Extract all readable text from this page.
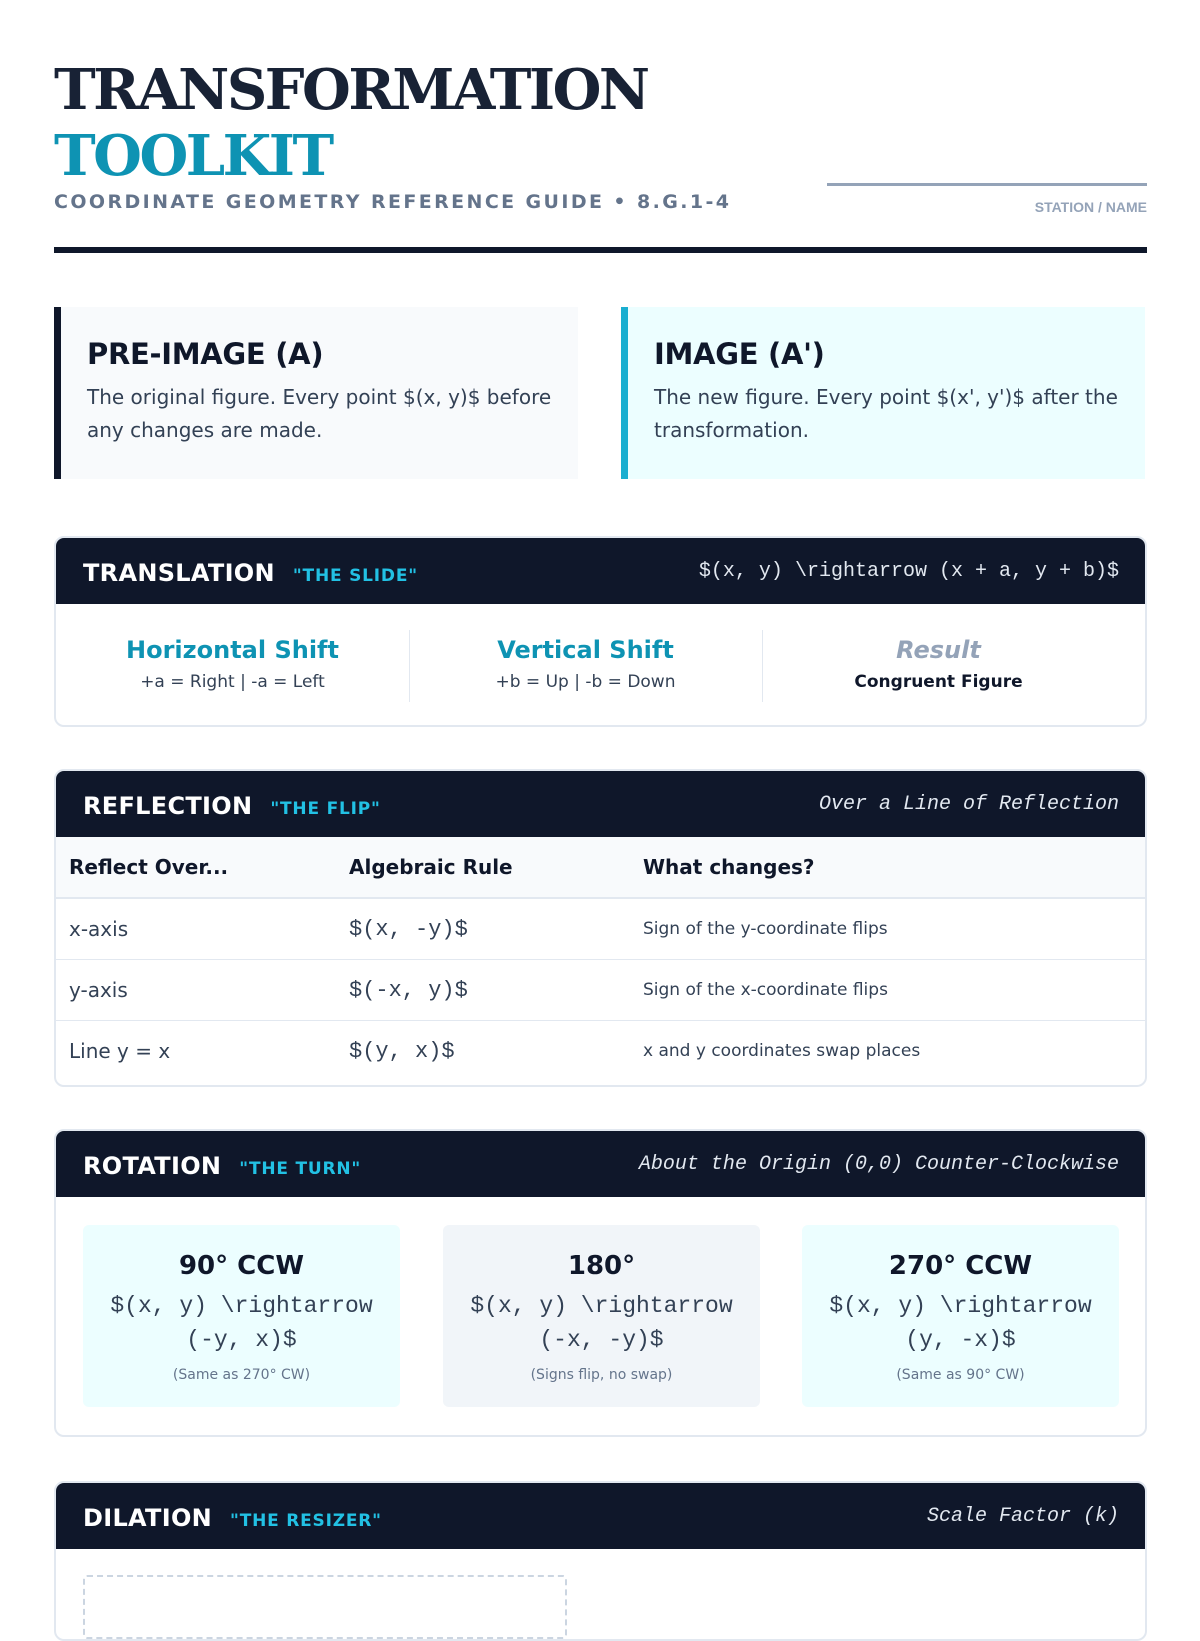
TRANSFORMATION
TOOLKIT
COORDINATE GEOMETRY REFERENCE GUIDE • 8.G.1-4	STATION / NAME
PRE-IMAGE (A)

The original figure. Every point $(x, y)$ before any changes are made.

IMAGE (A')

The new figure. Every point $(x', y')$ after the transformation.

TRANSLATION "THE SLIDE"	$(x, y) \rightarrow (x + a, y + b)$
Horizontal Shift
+a = Right | -a = Left
Vertical Shift
+b = Up | -b = Down
Result
Congruent Figure
REFLECTION "THE FLIP"	Over a Line of Reflection
Reflect Over...	Algebraic Rule	What changes?
x-axis	$(x, -y)$	Sign of the y-coordinate flips
y-axis	$(-x, y)$	Sign of the x-coordinate flips
Line y = x	$(y, x)$	x and y coordinates swap places
ROTATION "THE TURN"	About the Origin (0,0) Counter-Clockwise
90° CCW
$(x, y) \rightarrow
(-y, x)$
(Same as 270° CW)
180°
$(x, y) \rightarrow
(-x, -y)$
(Signs flip, no swap)
270° CCW
$(x, y) \rightarrow
(y, -x)$
(Same as 90° CW)
DILATION "THE RESIZER"	Scale Factor (k)
